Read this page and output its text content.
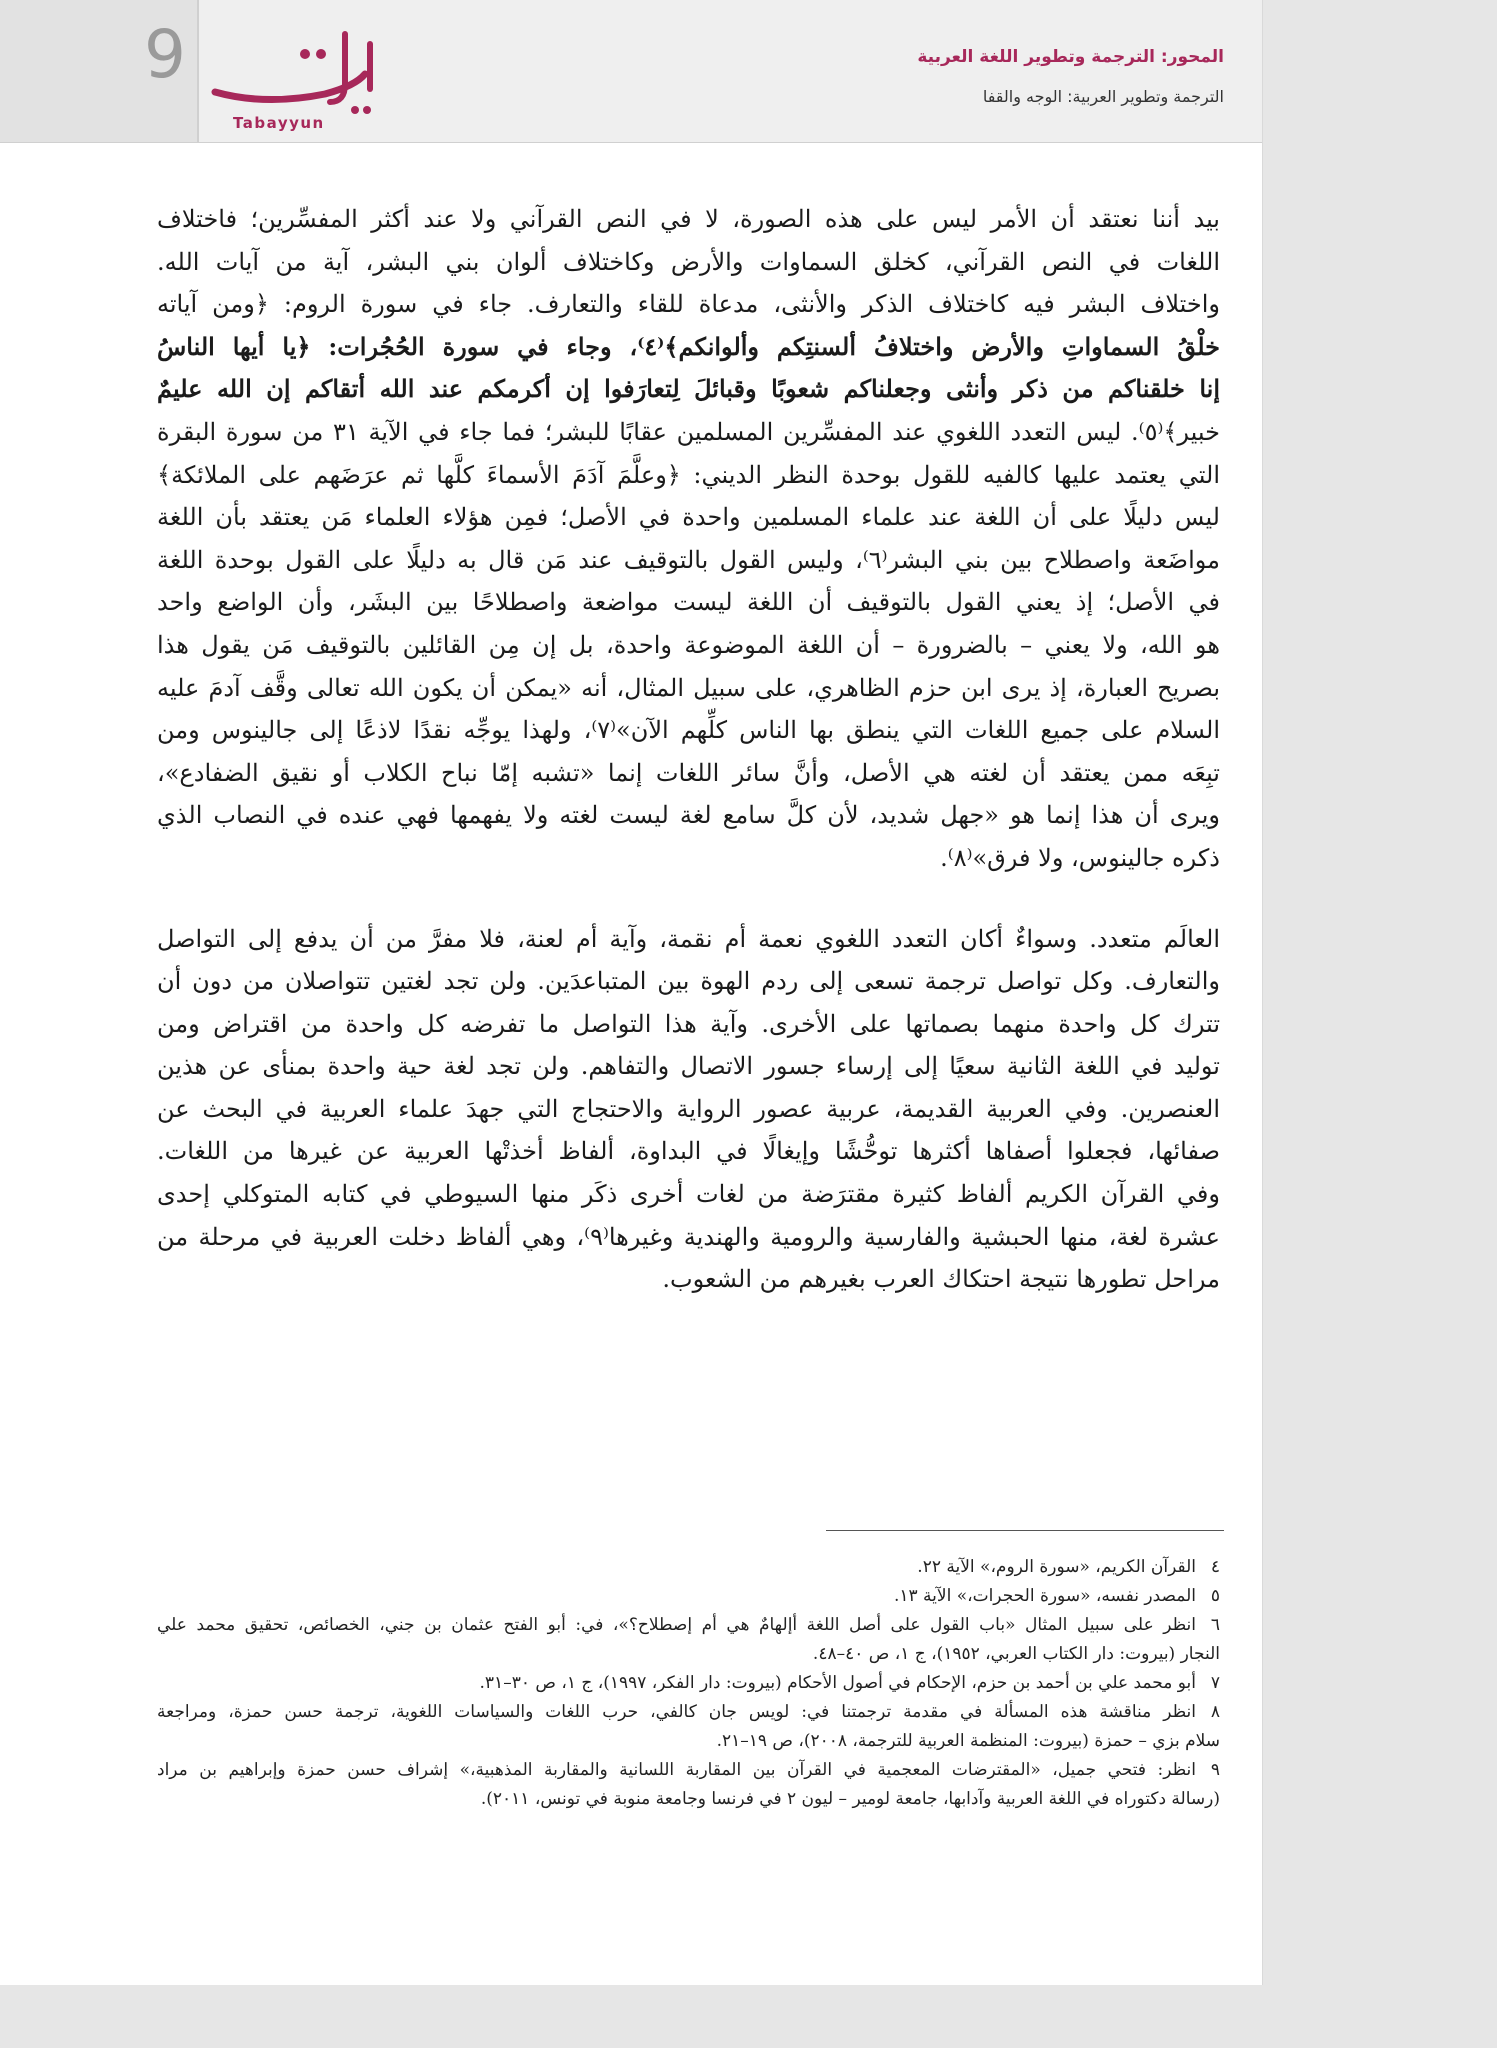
9
Tabayyun
المحور: الترجمة وتطوير اللغة العربية
الترجمة وتطوير العربية: الوجه والقفا

بيد أننا نعتقد أن الأمر ليس على هذه الصورة، لا في النص القرآني ولا عند أكثر المفسِّرين؛ فاختلاف
اللغات في النص القرآني، كخلق السماوات والأرض وكاختلاف ألوان بني البشر، آية من آيات الله.
واختلاف البشر فيه كاختلاف الذكر والأنثى، مدعاة للقاء والتعارف. جاء في سورة الروم: ﴿ومن آياته
خلْقُ السماواتِ والأرض واختلافُ ألسنتِكم وألوانكم﴾⁽٤⁾، وجاء في سورة الحُجُرات: ﴿يا أيها الناسُ
إنا خلقناكم من ذكر وأنثى وجعلناكم شعوبًا وقبائلَ لِتعارَفوا إن أكرمكم عند الله أتقاكم إن الله عليمٌ
خبير﴾⁽٥⁾. ليس التعدد اللغوي عند المفسِّرين المسلمين عقابًا للبشر؛ فما جاء في الآية ٣١ من سورة البقرة
التي يعتمد عليها كالفيه للقول بوحدة النظر الديني: ﴿وعلَّمَ آدَمَ الأسماءَ كلَّها ثم عرَضَهم على الملائكة﴾
ليس دليلًا على أن اللغة عند علماء المسلمين واحدة في الأصل؛ فمِن هؤلاء العلماء مَن يعتقد بأن اللغة
مواضَعة واصطلاح بين بني البشر⁽٦⁾، وليس القول بالتوقيف عند مَن قال به دليلًا على القول بوحدة اللغة
في الأصل؛ إذ يعني القول بالتوقيف أن اللغة ليست مواضعة واصطلاحًا بين البشَر، وأن الواضع واحد
هو الله، ولا يعني – بالضرورة – أن اللغة الموضوعة واحدة، بل إن مِن القائلين بالتوقيف مَن يقول هذا
بصريح العبارة، إذ يرى ابن حزم الظاهري، على سبيل المثال، أنه «يمكن أن يكون الله تعالى وقَّف آدمَ عليه
السلام على جميع اللغات التي ينطق بها الناس كلِّهم الآن»⁽٧⁾، ولهذا يوجِّه نقدًا لاذعًا إلى جالينوس ومن
تبِعَه ممن يعتقد أن لغته هي الأصل، وأنَّ سائر اللغات إنما «تشبه إمّا نباح الكلاب أو نقيق الضفادع»،
ويرى أن هذا إنما هو «جهل شديد، لأن كلَّ سامع لغة ليست لغته ولا يفهمها فهي عنده في النصاب الذي
ذكره جالينوس، ولا فرق»⁽٨⁾.

العالَم متعدد. وسواءٌ أكان التعدد اللغوي نعمة أم نقمة، وآية أم لعنة، فلا مفرَّ من أن يدفع إلى التواصل
والتعارف. وكل تواصل ترجمة تسعى إلى ردم الهوة بين المتباعدَين. ولن تجد لغتين تتواصلان من دون أن
تترك كل واحدة منهما بصماتها على الأخرى. وآية هذا التواصل ما تفرضه كل واحدة من اقتراض ومن
توليد في اللغة الثانية سعيًا إلى إرساء جسور الاتصال والتفاهم. ولن تجد لغة حية واحدة بمنأى عن هذين
العنصرين. وفي العربية القديمة، عربية عصور الرواية والاحتجاج التي جهدَ علماء العربية في البحث عن
صفائها، فجعلوا أصفاها أكثرها توحُّشًا وإيغالًا في البداوة، ألفاظ أخذتْها العربية عن غيرها من اللغات.
وفي القرآن الكريم ألفاظ كثيرة مقترَضة من لغات أخرى ذكَر منها السيوطي في كتابه المتوكلي إحدى
عشرة لغة، منها الحبشية والفارسية والرومية والهندية وغيرها⁽٩⁾، وهي ألفاظ دخلت العربية في مرحلة من
مراحل تطورها نتيجة احتكاك العرب بغيرهم من الشعوب.

٤القرآن الكريم، «سورة الروم،» الآية ٢٢.
٥المصدر نفسه، «سورة الحجرات،» الآية ١٣.
٦انظر على سبيل المثال «باب القول على أصل اللغة أإلهامٌ هي أم إصطلاح؟»، في: أبو الفتح عثمان بن جني، الخصائص، تحقيق محمد علي
النجار (بيروت: دار الكتاب العربي، ١٩٥٢)، ج ١، ص ٤٠–٤٨.
٧أبو محمد علي بن أحمد بن حزم، الإحكام في أصول الأحكام (بيروت: دار الفكر، ١٩٩٧)، ج ١، ص ٣٠–٣١.
٨انظر مناقشة هذه المسألة في مقدمة ترجمتنا في: لويس جان كالفي، حرب اللغات والسياسات اللغوية، ترجمة حسن حمزة، ومراجعة
سلام بزي – حمزة (بيروت: المنظمة العربية للترجمة، ٢٠٠٨)، ص ١٩–٢١.
٩انظر: فتحي جميل، «المقترضات المعجمية في القرآن بين المقاربة اللسانية والمقاربة المذهبية،» إشراف حسن حمزة وإبراهيم بن مراد
(رسالة دكتوراه في اللغة العربية وآدابها، جامعة لومير – ليون ٢ في فرنسا وجامعة منوبة في تونس، ٢٠١١).
